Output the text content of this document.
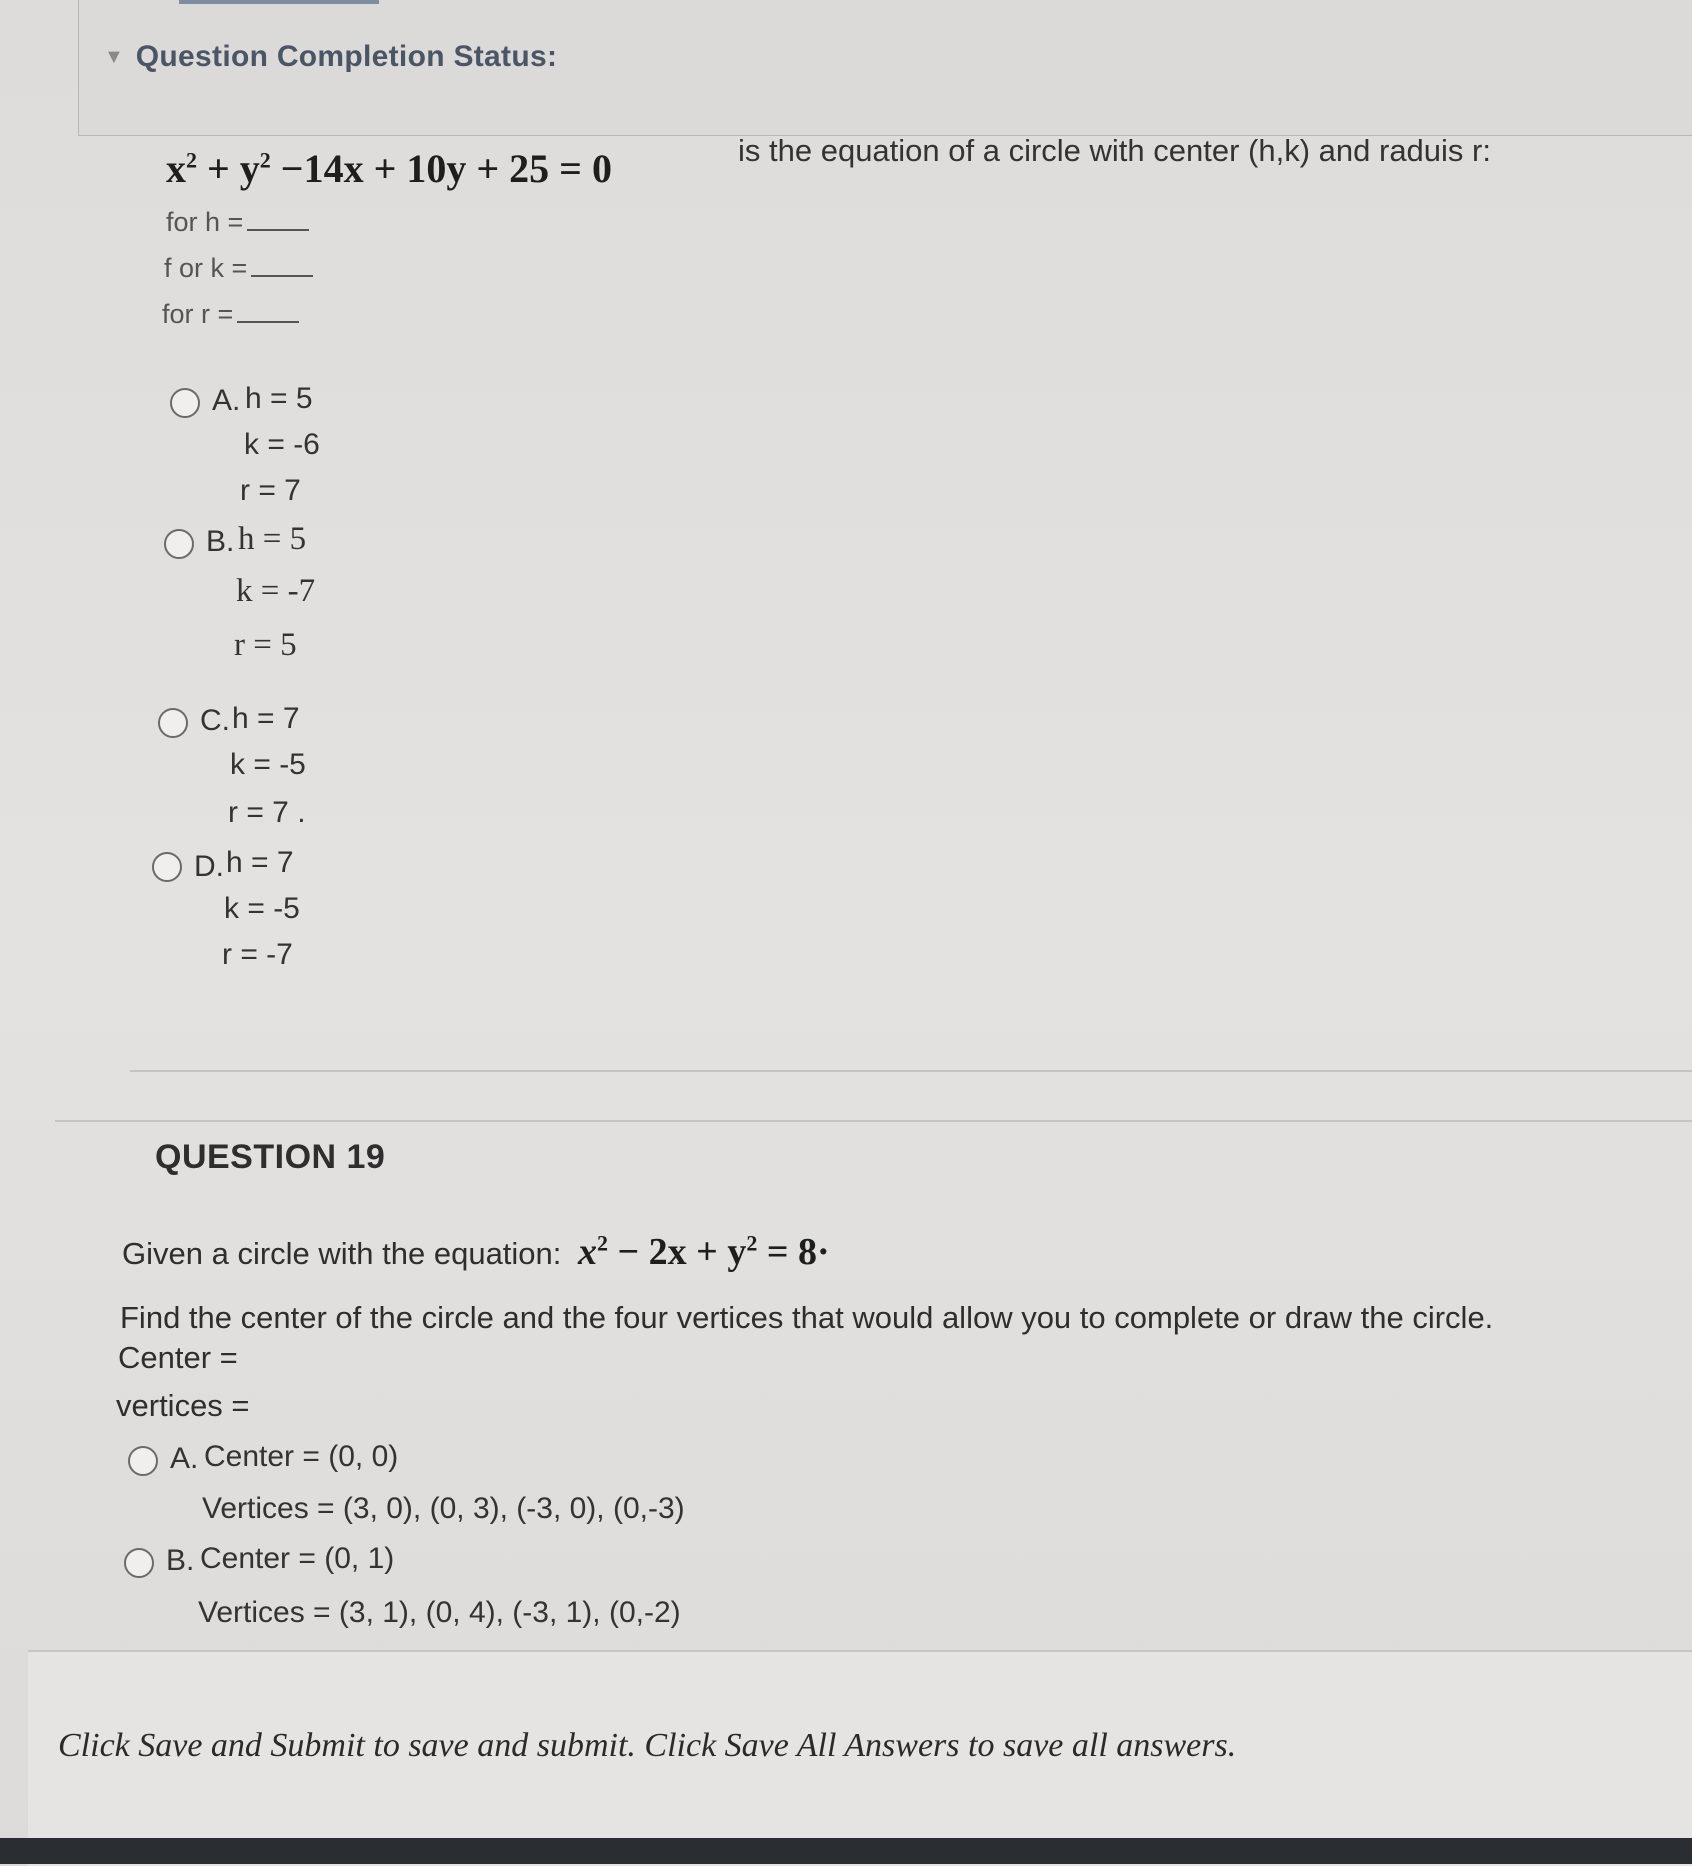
▼ Question Completion Status:
$x^2 + y^2 -14x + 10y + 25 = 0$	is the equation of a circle with center (h,k) and raduis r:
for h =
f or k =
for r =
A. h = 5
k = -6
r = 7
B. h = 5
k = -7
r = 5
C. h = 7
k = -5
r = 7 .
D. h = 7
k = -5
r = -7
QUESTION 19
Given a circle with the equation: $x^2 - 2x + y^2 = 8\cdot$
Find the center of the circle and the four vertices that would allow you to complete or draw the circle.
Center =
vertices =
A. Center = (0, 0)
Vertices = (3, 0), (0, 3), (-3, 0), (0,-3)
B. Center = (0, 1)
Vertices = (3, 1), (0, 4), (-3, 1), (0,-2)
Click Save and Submit to save and submit. Click Save All Answers to save all answers.
